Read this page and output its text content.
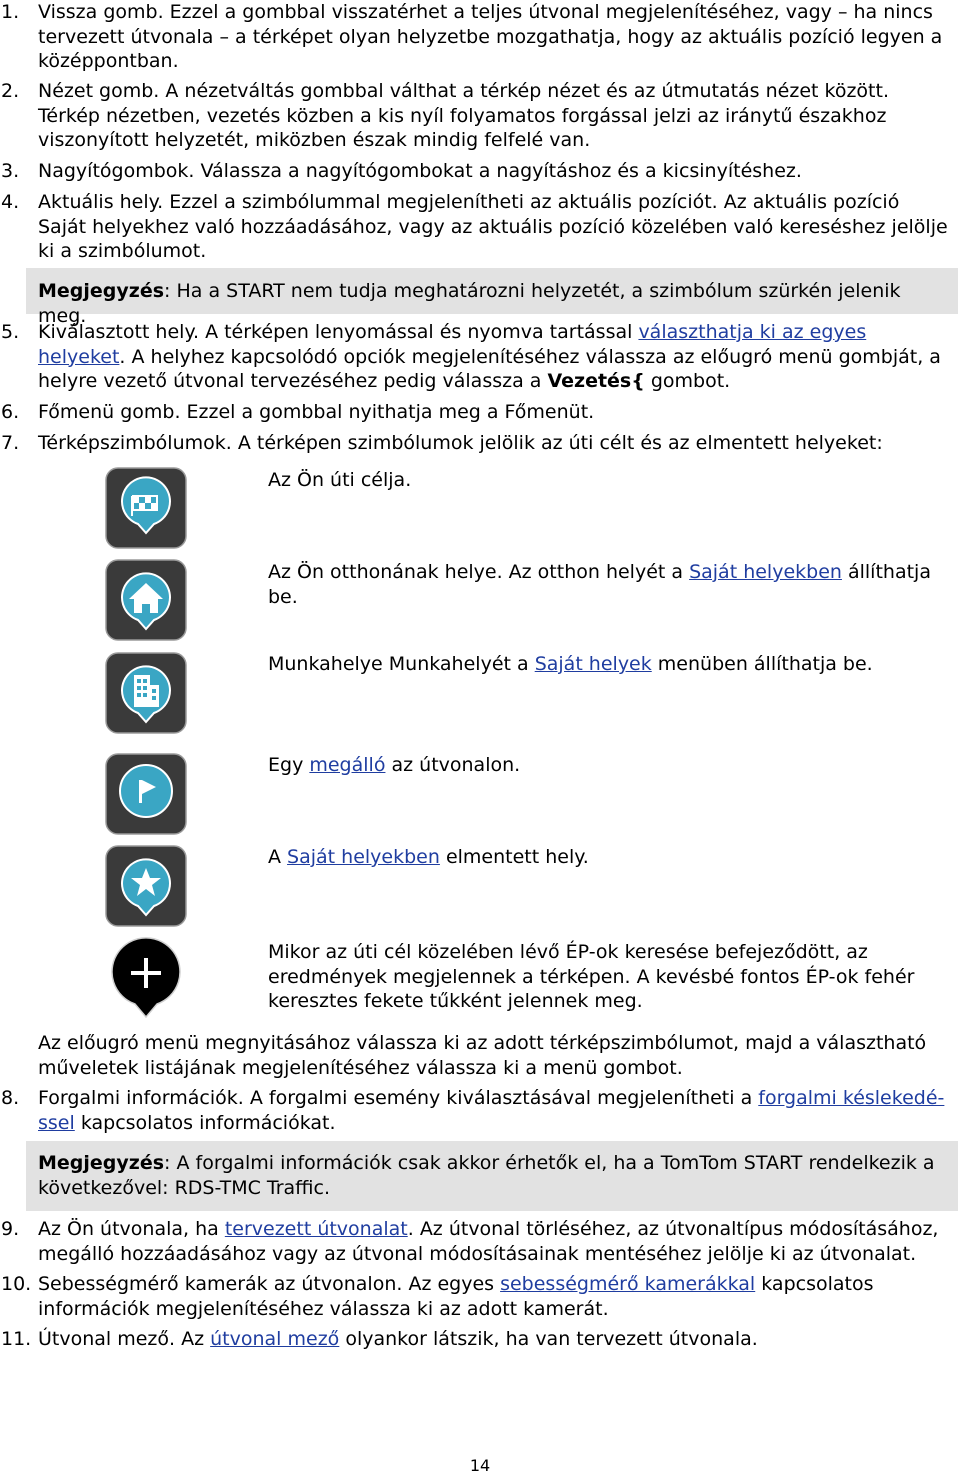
1. Vissza gomb. Ezzel a gombbal visszatérhet a teljes útvonal megjelenítéséhez, vagy – ha nincs tervezett útvonala – a térképet olyan helyzetbe mozgathatja, hogy az aktuális pozíció legyen a középpontban.
2. Nézet gomb. A nézetváltás gombbal válthat a térkép nézet és az útmutatás nézet között. Térkép nézetben, vezetés közben a kis nyíl folyamatos forgással jelzi az iránytű északhoz viszonyított helyzetét, miközben észak mindig felfelé van.
3. Nagyítógombok. Válassza a nagyítógombokat a nagyításhoz és a kicsinyítéshez.
4. Aktuális hely. Ezzel a szimbólummal megjelenítheti az aktuális pozíciót. Az aktuális pozíció Saját helyekhez való hozzáadásához, vagy az aktuális pozíció közelében való kereséshez jelölje ki a szimbólumot.
Megjegyzés: Ha a START nem tudja meghatározni helyzetét, a szimbólum szürkén jelenik meg.
5. Kiválasztott hely. A térképen lenyomással és nyomva tartással választhatja ki az egyes helyeket. A helyhez kapcsolódó opciók megjelenítéséhez válassza az előugró menü gombját, a helyre vezető útvonal tervezéséhez pedig válassza a Vezetés{ gombot.
6. Főmenü gomb. Ezzel a gombbal nyithatja meg a Főmenüt.
7. Térképszimbólumok. A térképen szimbólumok jelölik az úti célt és az elmentett helyeket:
Az Ön úti célja.
Az Ön otthonának helye. Az otthon helyét a Saját helyekben állíthatja be.
Munkahelye Munkahelyét a Saját helyek menüben állíthatja be.
Egy megálló az útvonalon.
A Saját helyekben elmentett hely.
Mikor az úti cél közelében lévő ÉP-ok keresése befejeződött, az eredmények megjelennek a térképen. A kevésbé fontos ÉP-ok fehér keresztes fekete tűkként jelennek meg.
Az előugró menü megnyitásához válassza ki az adott térképszimbólumot, majd a választható műveletek listájának megjelenítéséhez válassza ki a menü gombot.
8. Forgalmi információk. A forgalmi esemény kiválasztásával megjelenítheti a forgalmi késlekedé-
ssel kapcsolatos információkat.
Megjegyzés: A forgalmi információk csak akkor érhetők el, ha a TomTom START rendelkezik a következővel: RDS-TMC Traffic.
9. Az Ön útvonala, ha tervezett útvonalat. Az útvonal törléséhez, az útvonaltípus módosításához, megálló hozzáadásához vagy az útvonal módosításainak mentéséhez jelölje ki az útvonalat.
10. Sebességmérő kamerák az útvonalon. Az egyes sebességmérő kamerákkal kapcsolatos információk megjelenítéséhez válassza ki az adott kamerát.
11. Útvonal mező. Az útvonal mező olyankor látszik, ha van tervezett útvonala.
14
